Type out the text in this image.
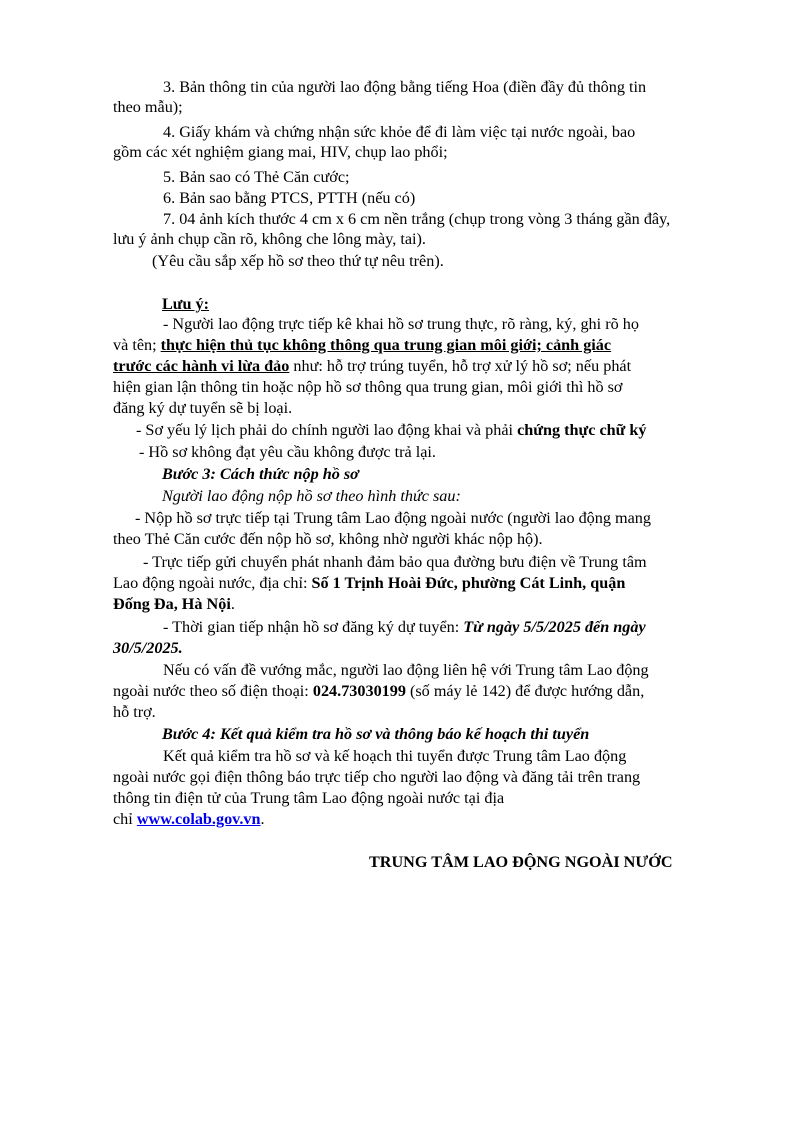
3. Bản thông tin của người lao động bằng tiếng Hoa (điền đầy đủ thông tin
theo mẫu);
4. Giấy khám và chứng nhận sức khỏe để đi làm việc tại nước ngoài, bao
gồm các xét nghiệm giang mai, HIV, chụp lao phổi;
5. Bản sao có Thẻ Căn cước;
6. Bản sao bằng PTCS, PTTH (nếu có)
7. 04 ảnh kích thước 4 cm x 6 cm nền trắng (chụp trong vòng 3 tháng gần đây,
lưu ý ảnh chụp cần rõ, không che lông mày, tai).
(Yêu cầu sắp xếp hồ sơ theo thứ tự nêu trên).
Lưu ý:
- Người lao động trực tiếp kê khai hồ sơ trung thực, rõ ràng, ký, ghi rõ họ
và tên; thực hiện thủ tục không thông qua trung gian môi giới; cảnh giác
trước các hành vi lừa đảo như: hỗ trợ trúng tuyển, hỗ trợ xử lý hồ sơ; nếu phát
hiện gian lận thông tin hoặc nộp hồ sơ thông qua trung gian, môi giới thì hồ sơ
đăng ký dự tuyển sẽ bị loại.
- Sơ yếu lý lịch phải do chính người lao động khai và phải chứng thực chữ ký
- Hồ sơ không đạt yêu cầu không được trả lại.
Bước 3: Cách thức nộp hồ sơ
Người lao động nộp hồ sơ theo hình thức sau:
- Nộp hồ sơ trực tiếp tại Trung tâm Lao động ngoài nước (người lao động mang
theo Thẻ Căn cước đến nộp hồ sơ, không nhờ người khác nộp hộ).
- Trực tiếp gửi chuyển phát nhanh đảm bảo qua đường bưu điện về Trung tâm
Lao động ngoài nước, địa chỉ: Số 1 Trịnh Hoài Đức, phường Cát Linh, quận
Đống Đa, Hà Nội.
- Thời gian tiếp nhận hồ sơ đăng ký dự tuyển: Từ ngày 5/5/2025 đến ngày
30/5/2025.
Nếu có vấn đề vướng mắc, người lao động liên hệ với Trung tâm Lao động
ngoài nước theo số điện thoại: 024.73030199 (số máy lẻ 142) để được hướng dẫn,
hỗ trợ.
Bước 4: Kết quả kiểm tra hồ sơ và thông báo kế hoạch thi tuyển
Kết quả kiểm tra hồ sơ và kế hoạch thi tuyển được Trung tâm Lao động
ngoài nước gọi điện thông báo trực tiếp cho người lao động và đăng tải trên trang
thông tin điện tử của Trung tâm Lao động ngoài nước tại địa
chỉ www.colab.gov.vn.
TRUNG TÂM LAO ĐỘNG NGOÀI NƯỚC
